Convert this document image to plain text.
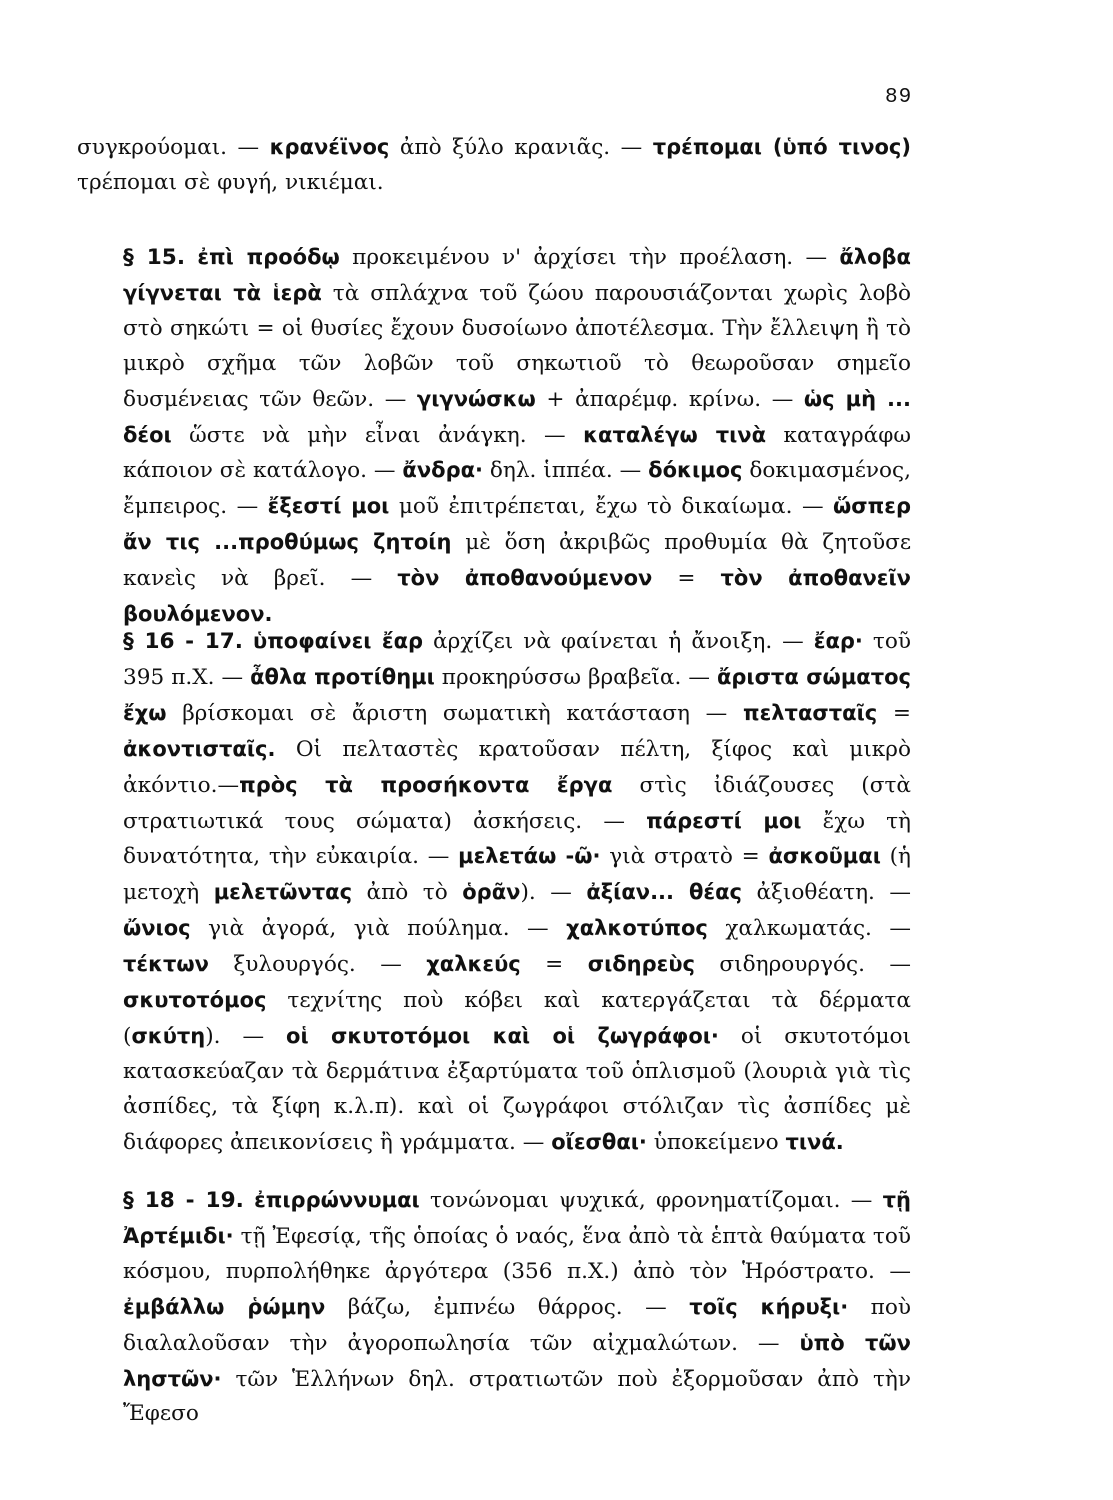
89
συγκρούομαι. — κρανέϊνος ἀπὸ ξύλο κρανιᾶς. — τρέπομαι (ὑπό τινος) τρέπομαι σὲ φυγή, νικιέμαι.
§ 15. ἐπὶ προόδῳ προκειμένου ν' ἀρχίσει τὴν προέλαση. — ἄλοβα γίγνεται τὰ ἱερὰ τὰ σπλάχνα τοῦ ζώου παρουσιάζονται χωρὶς λοβὸ στὸ σηκώτι = οἱ θυσίες ἔχουν δυσοίωνο ἀποτέλεσμα. Τὴν ἔλλειψη ἢ τὸ μικρὸ σχῆμα τῶν λοβῶν τοῦ σηκωτιοῦ τὸ θεωροῦσαν σημεῖο δυσμένειας τῶν θεῶν. — γιγνώσκω + ἀπαρέμφ. κρίνω. — ὡς μὴ ... δέοι ὥστε νὰ μὴν εἶναι ἀνάγκη. — καταλέγω τινὰ καταγράφω κάποιον σὲ κατάλογο. — ἄνδρα· δηλ. ἱππέα. — δόκιμος δοκιμασμένος, ἔμπειρος. — ἔξεστί μοι μοῦ ἐπιτρέπεται, ἔχω τὸ δικαίωμα. — ὥσπερ ἄν τις ...προθύμως ζητοίη μὲ ὅση ἀκριβῶς προθυμία θὰ ζητοῦσε κανεὶς νὰ βρεῖ. — τὸν ἀποθανούμενον = τὸν ἀποθανεῖν βουλόμενον.
§ 16 - 17. ὑποφαίνει ἔαρ ἀρχίζει νὰ φαίνεται ἡ ἄνοιξη. — ἔαρ· τοῦ 395 π.Χ. — ἆθλα προτίθημι προκηρύσσω βραβεῖα. — ἄριστα σώματος ἔχω βρίσκομαι σὲ ἄριστη σωματικὴ κατάσταση — πελτασταῖς = ἀκοντισταῖς. Οἱ πελταστὲς κρατοῦσαν πέλτη, ξίφος καὶ μικρὸ ἀκόντιο.—πρὸς τὰ προσήκοντα ἔργα στὶς ἰδιάζουσες (στὰ στρατιωτικά τους σώματα) ἀσκήσεις. — πάρεστί μοι ἔχω τὴ δυνατότητα, τὴν εὐκαιρία. — μελετάω -ῶ· γιὰ στρατὸ = ἀσκοῦμαι (ἡ μετοχὴ μελετῶντας ἀπὸ τὸ ὁρᾶν). — ἀξίαν... θέας ἀξιοθέατη. — ὤνιος γιὰ ἀγορά, γιὰ πούλημα. — χαλκοτύπος χαλκωματάς. — τέκτων ξυλουργός. — χαλκεύς = σιδηρεὺς σιδηρουργός. — σκυτοτόμος τεχνίτης ποὺ κόβει καὶ κατεργάζεται τὰ δέρματα (σκύτη). — οἱ σκυτοτόμοι καὶ οἱ ζωγράφοι· οἱ σκυτοτόμοι κατασκεύαζαν τὰ δερμάτινα ἐξαρτύματα τοῦ ὁπλισμοῦ (λουριὰ γιὰ τὶς ἀσπίδες, τὰ ξίφη κ.λ.π). καὶ οἱ ζωγράφοι στόλιζαν τὶς ἀσπίδες μὲ διάφορες ἀπεικονίσεις ἢ γράμματα. — οἴεσθαι· ὑποκείμενο τινά.
§ 18 - 19. ἐπιρρώννυμαι τονώνομαι ψυχικά, φρονηματίζομαι. — τῇ Ἀρτέμιδι· τῇ Ἐφεσίᾳ, τῆς ὁποίας ὁ ναός, ἕνα ἀπὸ τὰ ἑπτὰ θαύματα τοῦ κόσμου, πυρπολήθηκε ἀργότερα (356 π.Χ.) ἀπὸ τὸν Ἡρόστρατο. — ἐμβάλλω ῥώμην βάζω, ἐμπνέω θάρρος. — τοῖς κήρυξι· ποὺ διαλαλοῦσαν τὴν ἀγοροπωλησία τῶν αἰχμαλώτων. — ὑπὸ τῶν ληστῶν· τῶν Ἑλλήνων δηλ. στρατιωτῶν ποὺ ἐξορμοῦσαν ἀπὸ τὴν Ἔφεσο
